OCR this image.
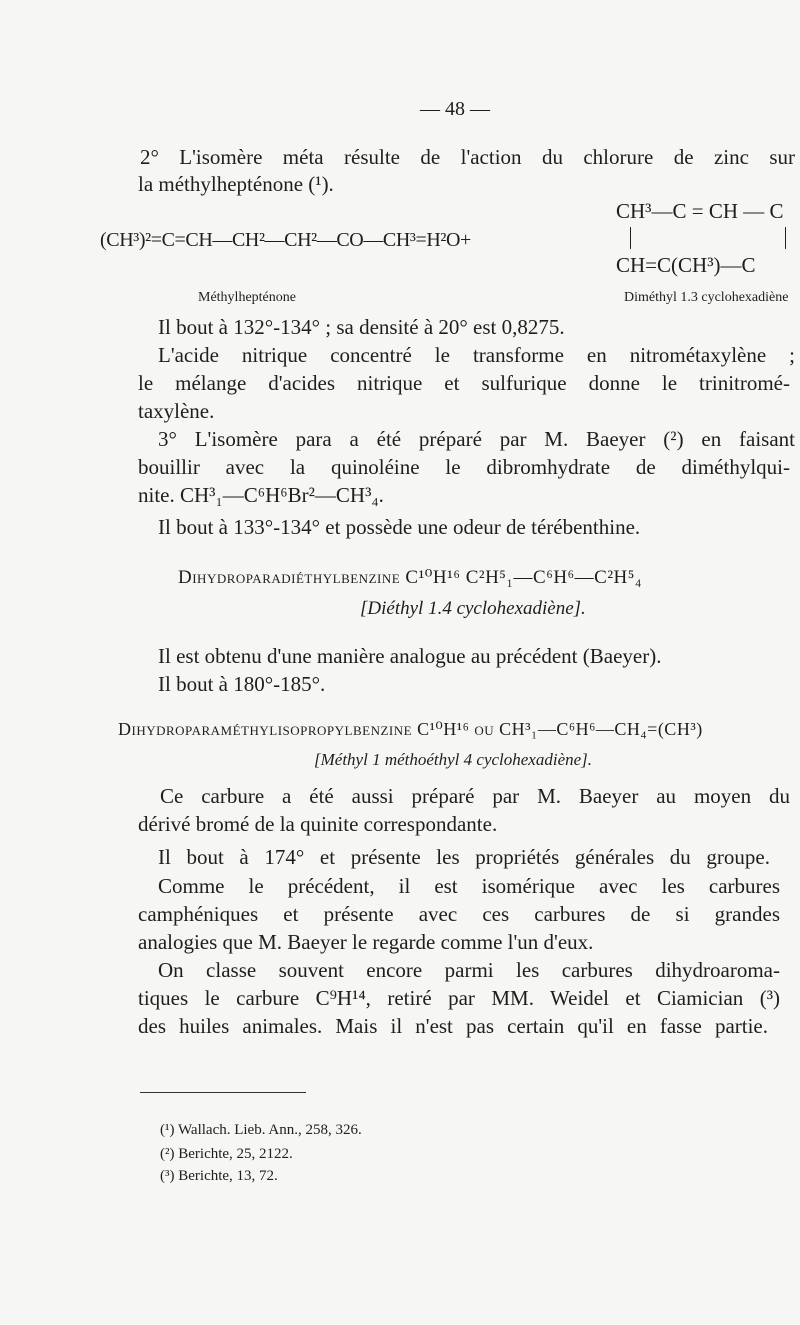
— 48 —
2° L'isomère méta résulte de l'action du chlorure de zinc sur
la méthylhepténone (¹).
CH³—C = CH — C
(CH³)²=C=CH—CH²—CH²—CO—CH³=H²O+
CH=C(CH³)—C
Méthylhepténone	Diméthyl 1.3 cyclohexadiène
Il bout à 132°-134° ; sa densité à 20° est 0,8275.
L'acide nitrique concentré le transforme en nitrométaxylène ;
le mélange d'acides nitrique et sulfurique donne le trinitromé-
taxylène.
3° L'isomère para a été préparé par M. Baeyer (²) en faisant
bouillir avec la quinoléine le dibromhydrate de diméthylqui-
nite. CH³₁—C⁶H⁶Br²—CH³₄.
Il bout à 133°-134° et possède une odeur de térébenthine.
Dihydroparadiéthylbenzine C¹⁰H¹⁶ C²H⁵₁—C⁶H⁶—C²H⁵₄
[Diéthyl 1.4 cyclohexadiène].
Il est obtenu d'une manière analogue au précédent (Baeyer).
Il bout à 180°-185°.
Dihydroparaméthylisopropylbenzine C¹⁰H¹⁶ ou CH³₁—C⁶H⁶—CH₄=(CH³)
[Méthyl 1 méthoéthyl 4 cyclohexadiène].
Ce carbure a été aussi préparé par M. Baeyer au moyen du
dérivé bromé de la quinite correspondante.
Il bout à 174° et présente les propriétés générales du groupe.
Comme le précédent, il est isomérique avec les carbures
camphéniques et présente avec ces carbures de si grandes
analogies que M. Baeyer le regarde comme l'un d'eux.
On classe souvent encore parmi les carbures dihydroaroma-
tiques le carbure C⁹H¹⁴, retiré par MM. Weidel et Ciamician (³)
des huiles animales. Mais il n'est pas certain qu'il en fasse partie.
(¹) Wallach. Lieb. Ann., 258, 326.
(²) Berichte, 25, 2122.
(³) Berichte, 13, 72.
